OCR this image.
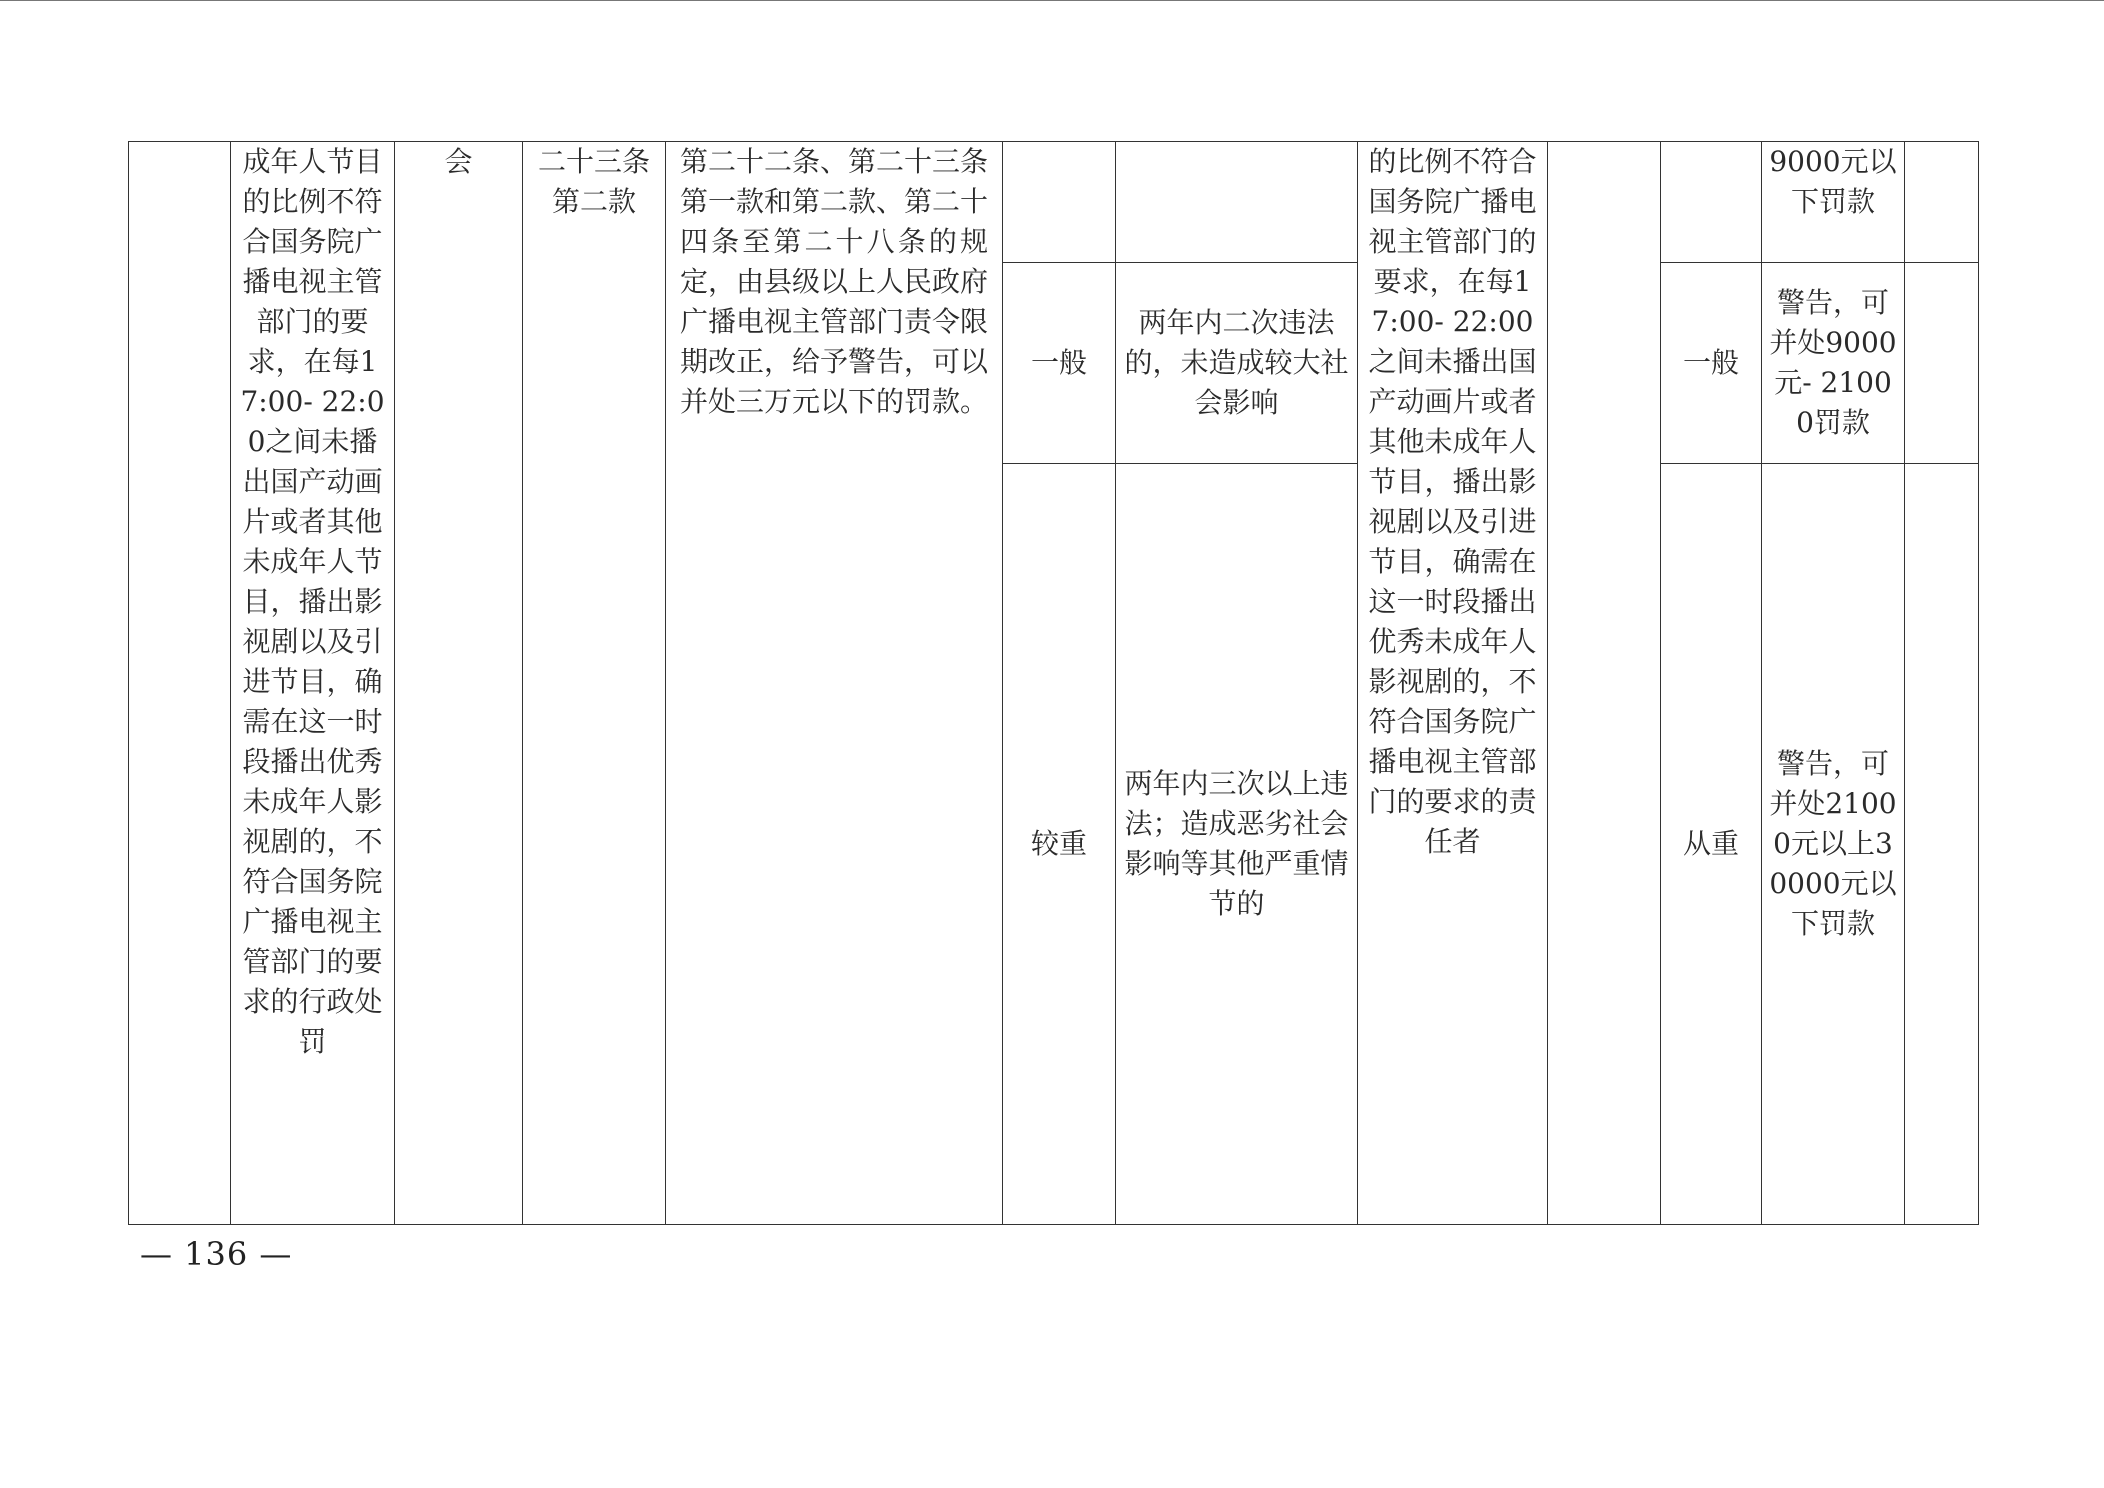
	成年人节目的比例不符合国务院广播电视主管部门的要求，在每17:00- 22:00之间未播出国产动画片或者其他未成年人节目，播出影视剧以及引进节目，确需在这一时段播出优秀未成年人影视剧的，不符合国务院广播电视主管部门的要求的行政处罚	会	二十三条第二款	第二十二条、第二十三条第一款和第二款、第二十四条至第二十八条的规定，由县级以上人民政府广播电视主管部门责令限期改正，给予警告，可以并处三万元以下的罚款。			的比例不符合国务院广播电视主管部门的要求，在每17:00- 22:00之间未播出国产动画片或者其他未成年人节目，播出影视剧以及引进节目，确需在这一时段播出优秀未成年人影视剧的，不符合国务院广播电视主管部门的要求的责任者			9000元以下罚款	
					一般	两年内二次违法的，未造成较大社会影响			一般	警告，可并处9000元- 21000罚款	
					较重	两年内三次以上违法；造成恶劣社会影响等其他严重情节的			从重	警告，可并处21000元以上30000元以下罚款	
— 136 —
